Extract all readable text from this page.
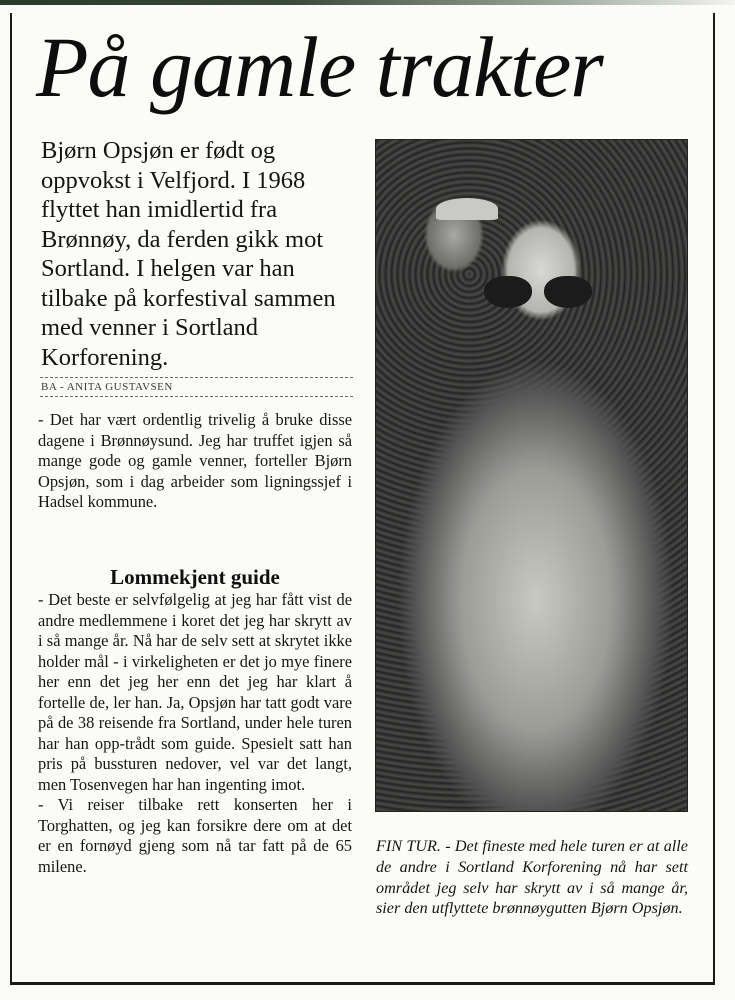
På gamle trakter
Bjørn Opsjøn er født og oppvokst i Velfjord. I 1968 flyttet han imidlertid fra Brønnøy, da ferden gikk mot Sortland. I helgen var han tilbake på korfestival sammen med venner i Sortland Korforening.
BA - ANITA GUSTAVSEN

- Det har vært ordentlig trivelig å bruke disse dagene i Brønnøysund. Jeg har truffet igjen så mange gode og gamle venner, forteller Bjørn Opsjøn, som i dag arbeider som ligningssjef i Hadsel kommune.

Lommekjent guide

- Det beste er selvfølgelig at jeg har fått vist de andre medlemmene i koret det jeg har skrytt av i så mange år. Nå har de selv sett at skrytet ikke holder mål - i virkeligheten er det jo mye finere her enn det jeg her enn det jeg har klart å fortelle de, ler han. Ja, Opsjøn har tatt godt vare på de 38 reisende fra Sortland, under hele turen har han opp-trådt som guide. Spesielt satt han pris på bussturen nedover, vel var det langt, men Tosenvegen har han ingenting imot.

- Vi reiser tilbake rett konserten her i Torghatten, og jeg kan forsikre dere om at det er en fornøyd gjeng som nå tar fatt på de 65 milene.

FIN TUR. - Det fineste med hele turen er at alle de andre i Sortland Korforening nå har sett området jeg selv har skrytt av i så mange år, sier den utflyttete brønnøygutten Bjørn Opsjøn.
